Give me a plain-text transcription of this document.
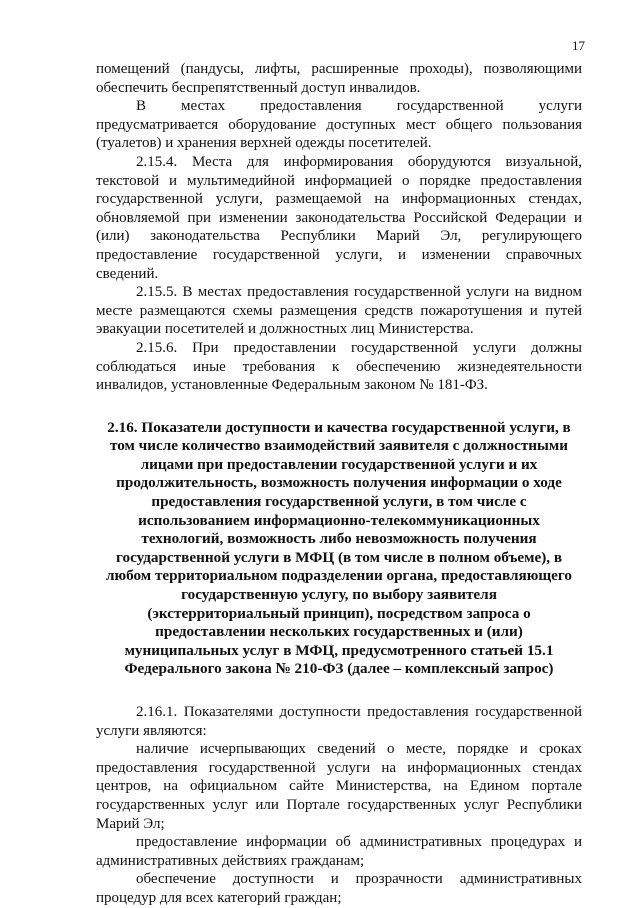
17

помещений (пандусы, лифты, расширенные проходы), позволяющими обеспечить беспрепятственный доступ инвалидов.

В местах предоставления государственной услуги предусматривается оборудование доступных мест общего пользования (туалетов) и хранения верхней одежды посетителей.

2.15.4. Места для информирования оборудуются визуальной, текстовой и мультимедийной информацией о порядке предоставления государственной услуги, размещаемой на информационных стендах, обновляемой при изменении законодательства Российской Федерации и (или) законодательства Республики Марий Эл, регулирующего предоставление государственной услуги, и изменении справочных сведений.

2.15.5. В местах предоставления государственной услуги на видном месте размещаются схемы размещения средств пожаротушения и путей эвакуации посетителей и должностных лиц Министерства.

2.15.6. При предоставлении государственной услуги должны соблюдаться иные требования к обеспечению жизнедеятельности инвалидов, установленные Федеральным законом № 181-ФЗ.

2.16. Показатели доступности и качества государственной услуги, в том числе количество взаимодействий заявителя с должностными лицами при предоставлении государственной услуги и их продолжительность, возможность получения информации о ходе предоставления государственной услуги, в том числе с использованием информационно-телекоммуникационных технологий, возможность либо невозможность получения государственной услуги в МФЦ (в том числе в полном объеме), в любом территориальном подразделении органа, предоставляющего государственную услугу, по выбору заявителя (экстерриториальный принцип), посредством запроса о предоставлении нескольких государственных и (или) муниципальных услуг в МФЦ, предусмотренного статьей 15.1 Федерального закона № 210-ФЗ (далее – комплексный запрос)

2.16.1. Показателями доступности предоставления государственной услуги являются:

наличие исчерпывающих сведений о месте, порядке и сроках предоставления государственной услуги на информационных стендах центров, на официальном сайте Министерства, на Едином портале государственных услуг или Портале государственных услуг Республики Марий Эл;

предоставление информации об административных процедурах и административных действиях гражданам;

обеспечение доступности и прозрачности административных процедур для всех категорий граждан;
